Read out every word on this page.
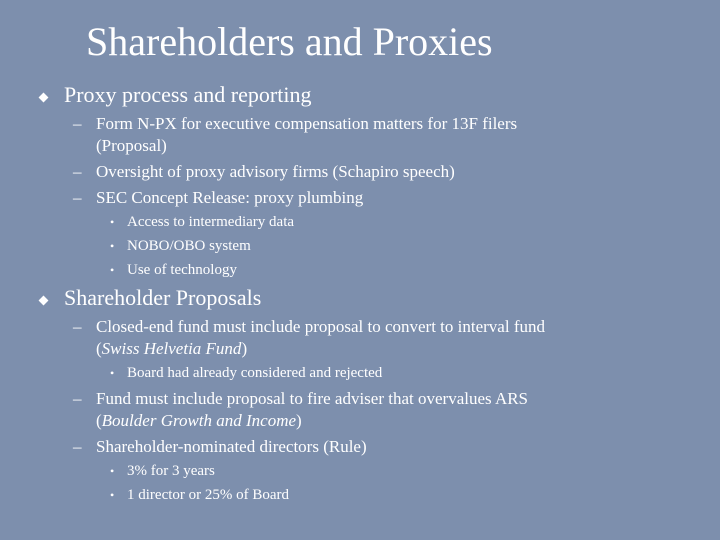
Shareholders and Proxies
Proxy process and reporting
– Form N-PX for executive compensation matters for 13F filers
(Proposal)
– Oversight of proxy advisory firms (Schapiro speech)
– SEC Concept Release: proxy plumbing
• Access to intermediary data
• NOBO/OBO system
• Use of technology
Shareholder Proposals
– Closed-end fund must include proposal to convert to interval fund
(Swiss Helvetia Fund)
• Board had already considered and rejected
– Fund must include proposal to fire adviser that overvalues ARS
(Boulder Growth and Income)
– Shareholder-nominated directors (Rule)
• 3% for 3 years
• 1 director or 25% of Board
